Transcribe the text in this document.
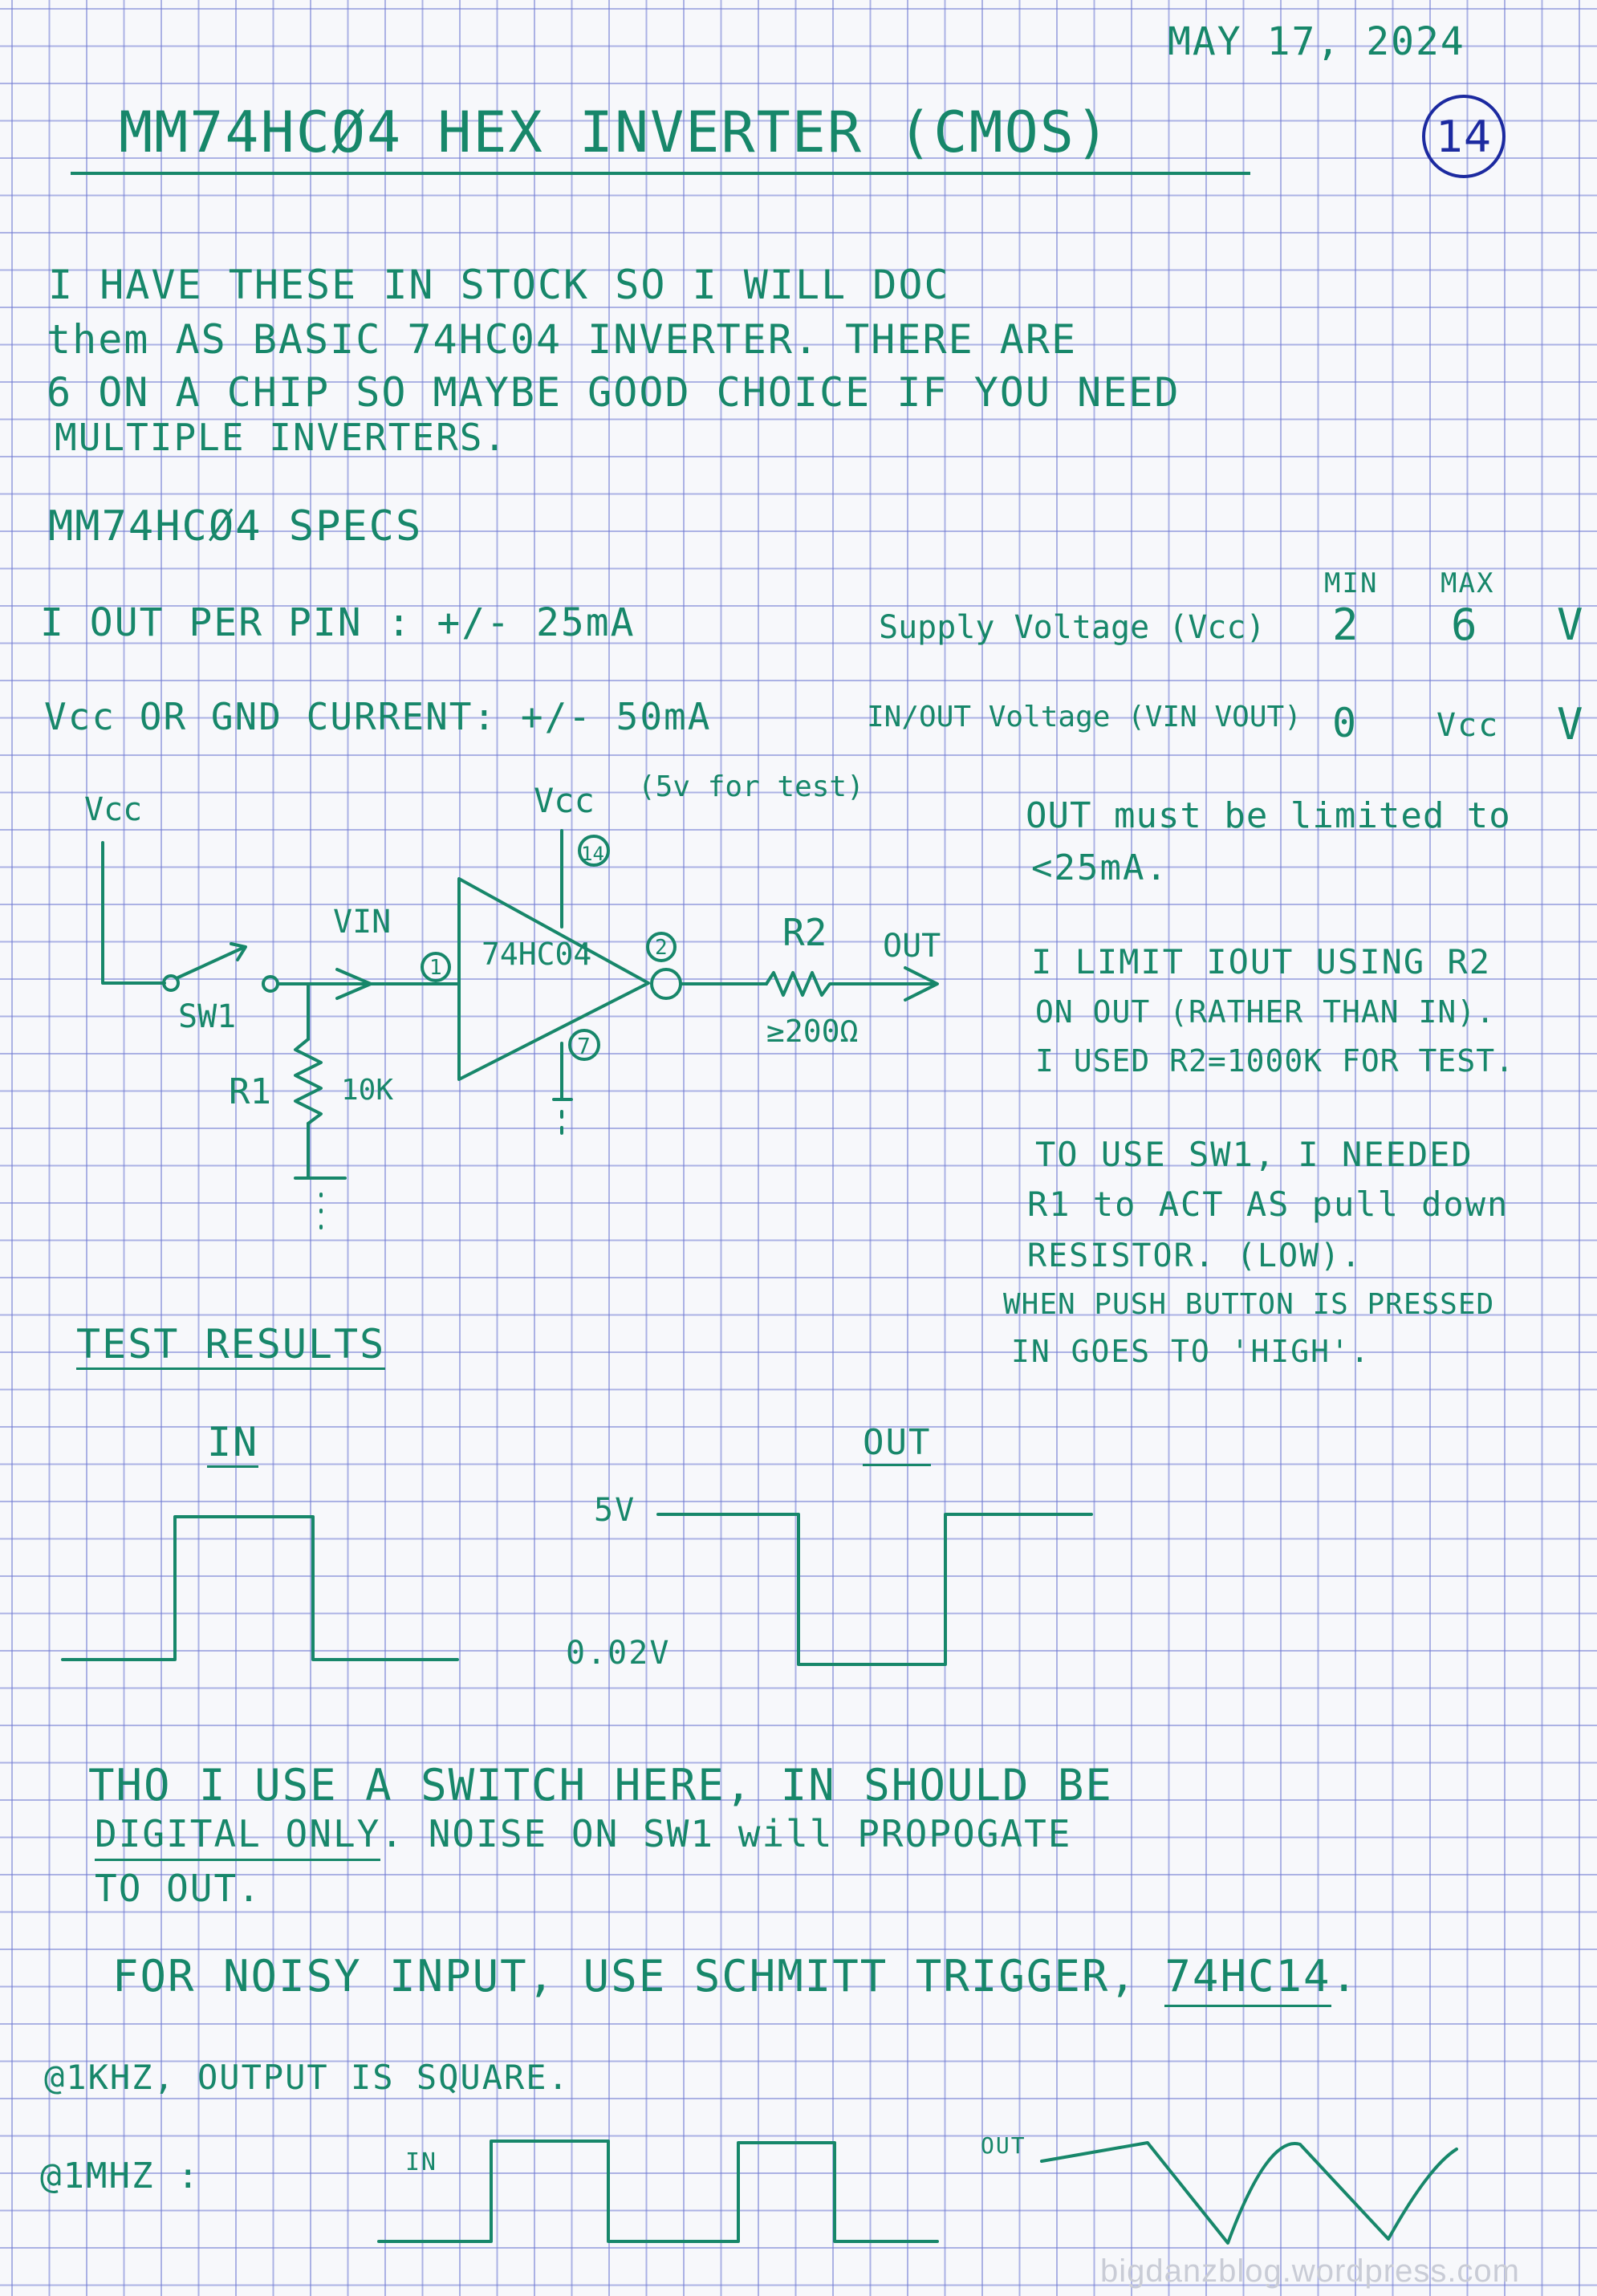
MAY 17, 2024
14
MM74HCØ4 HEX INVERTER (CMOS)
I HAVE THESE IN STOCK SO I WILL DOC
them AS BASIC 74HC04 INVERTER. THERE ARE
6 ON A CHIP SO MAYBE GOOD CHOICE IF YOU NEED
MULTIPLE INVERTERS.
MM74HCØ4 SPECS
I OUT PER PIN : +/- 25mA
Vcc OR GND CURRENT: +/- 50mA
MIN MAX
Supply Voltage (Vcc) 2 6 V
IN/OUT Voltage (VIN VOUT) 0 Vcc V
14
1
2
7
74HC04
Vcc	Vcc (5v for test)
VIN
SW1
R1 10K
R2
≥200Ω
OUT
OUT must be limited to
<25mA.
I LIMIT IOUT USING R2
ON OUT (RATHER THAN IN).
I USED R2=1000K FOR TEST.
TO USE SW1, I NEEDED
R1 to ACT AS pull down
RESISTOR. (LOW).
WHEN PUSH BUTTON IS PRESSED
IN GOES TO 'HIGH'.
TEST RESULTS
IN	OUT
5V
0.02V
THO I USE A SWITCH HERE, IN SHOULD BE
DIGITAL ONLY. NOISE ON SW1 will PROPOGATE
TO OUT.
FOR NOISY INPUT, USE SCHMITT TRIGGER, 74HC14.
@1KHZ, OUTPUT IS SQUARE.
@1MHZ :	IN
OUT
bigdanzblog.wordpress.com
